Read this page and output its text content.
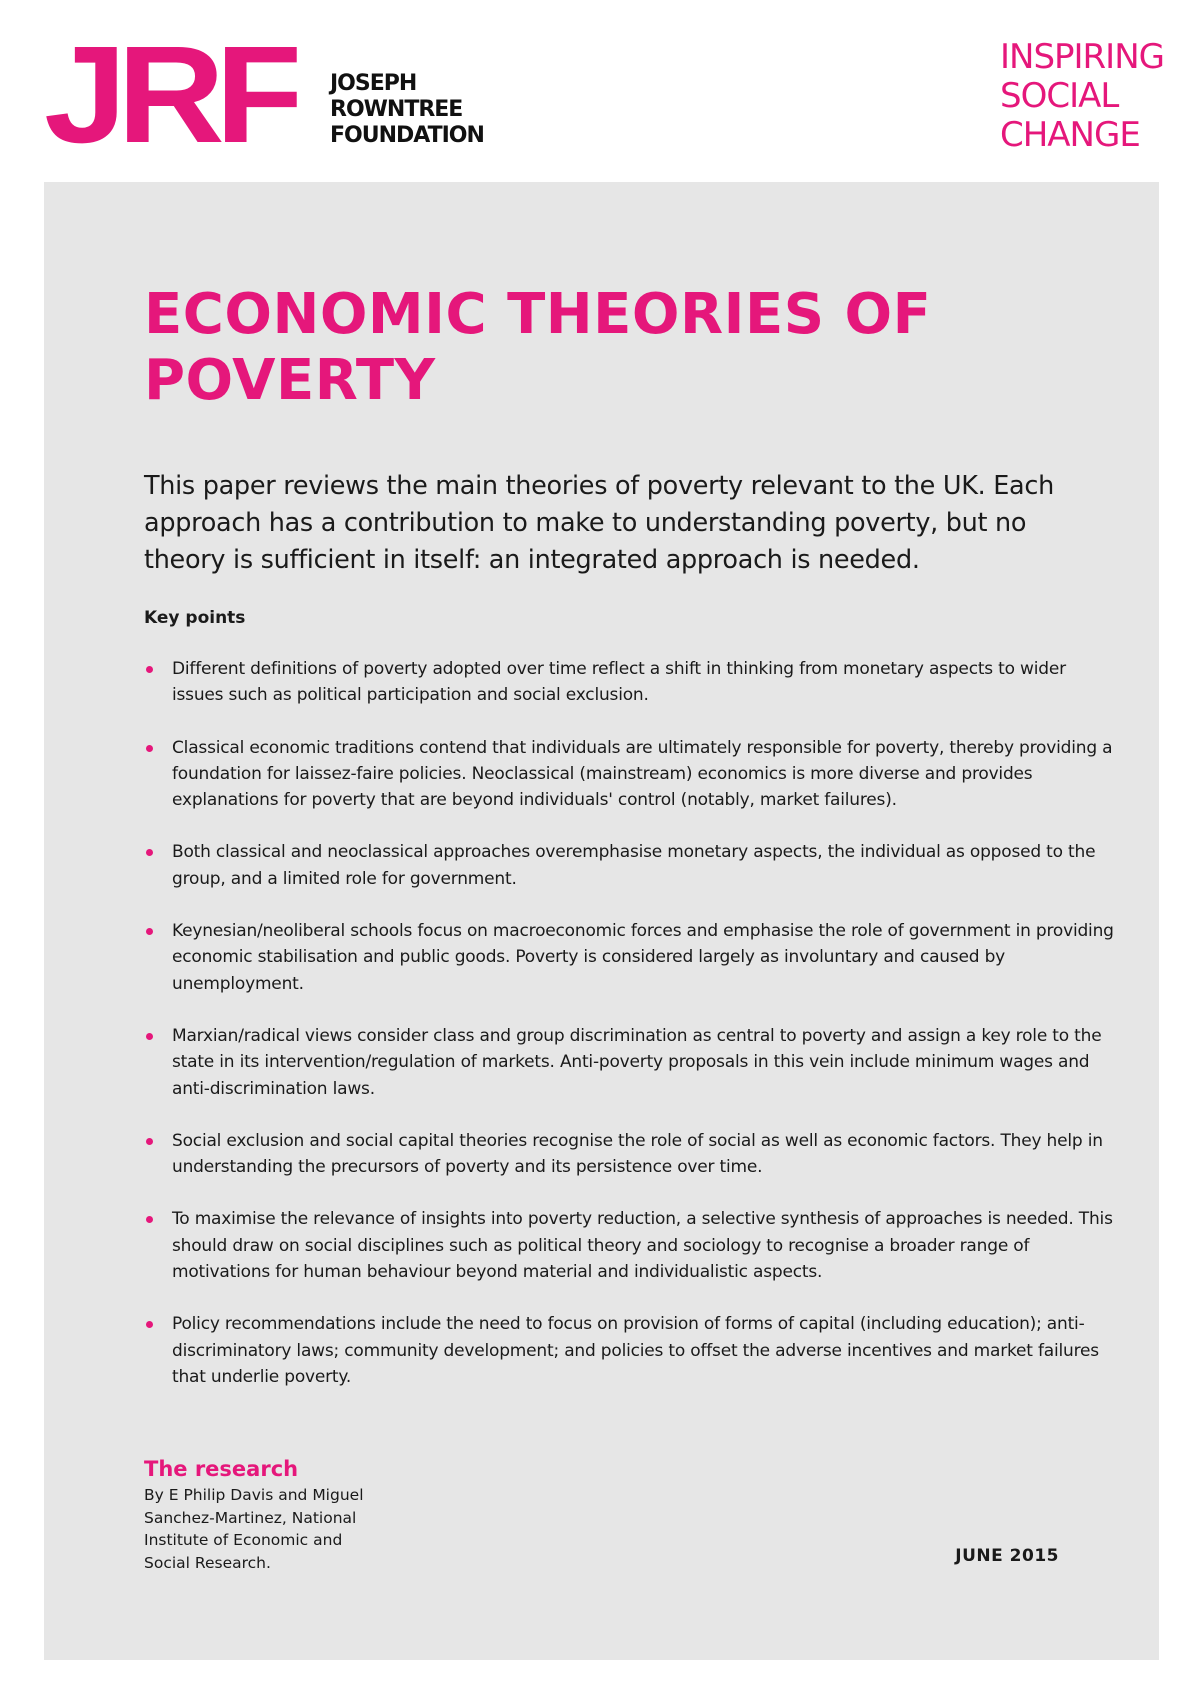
JRF JOSEPH
ROWNTREE
FOUNDATION
INSPIRING
SOCIAL
CHANGE
ECONOMIC THEORIES OF POVERTY

This paper reviews the main theories of poverty relevant to the UK. Each approach has a contribution to make to understanding poverty, but no theory is sufficient in itself: an integrated approach is needed.

Key points
Different definitions of poverty adopted over time reflect a shift in thinking from monetary aspects to wider issues such as political participation and social exclusion.
Classical economic traditions contend that individuals are ultimately responsible for poverty, thereby providing a foundation for laissez-faire policies. Neoclassical (mainstream) economics is more diverse and provides explanations for poverty that are beyond individuals' control (notably, market failures).
Both classical and neoclassical approaches overemphasise monetary aspects, the individual as opposed to the group, and a limited role for government.
Keynesian/neoliberal schools focus on macroeconomic forces and emphasise the role of government in providing economic stabilisation and public goods. Poverty is considered largely as involuntary and caused by unemployment.
Marxian/radical views consider class and group discrimination as central to poverty and assign a key role to the state in its intervention/regulation of markets. Anti-poverty proposals in this vein include minimum wages and anti-discrimination laws.
Social exclusion and social capital theories recognise the role of social as well as economic factors. They help in understanding the precursors of poverty and its persistence over time.
To maximise the relevance of insights into poverty reduction, a selective synthesis of approaches is needed. This should draw on social disciplines such as political theory and sociology to recognise a broader range of motivations for human behaviour beyond material and individualistic aspects.
Policy recommendations include the need to focus on provision of forms of capital (including education); anti-discriminatory laws; community development; and policies to offset the adverse incentives and market failures that underlie poverty.
The research

By E Philip Davis and Miguel Sanchez-Martinez, National Institute of Economic and Social Research.	JUNE 2015
